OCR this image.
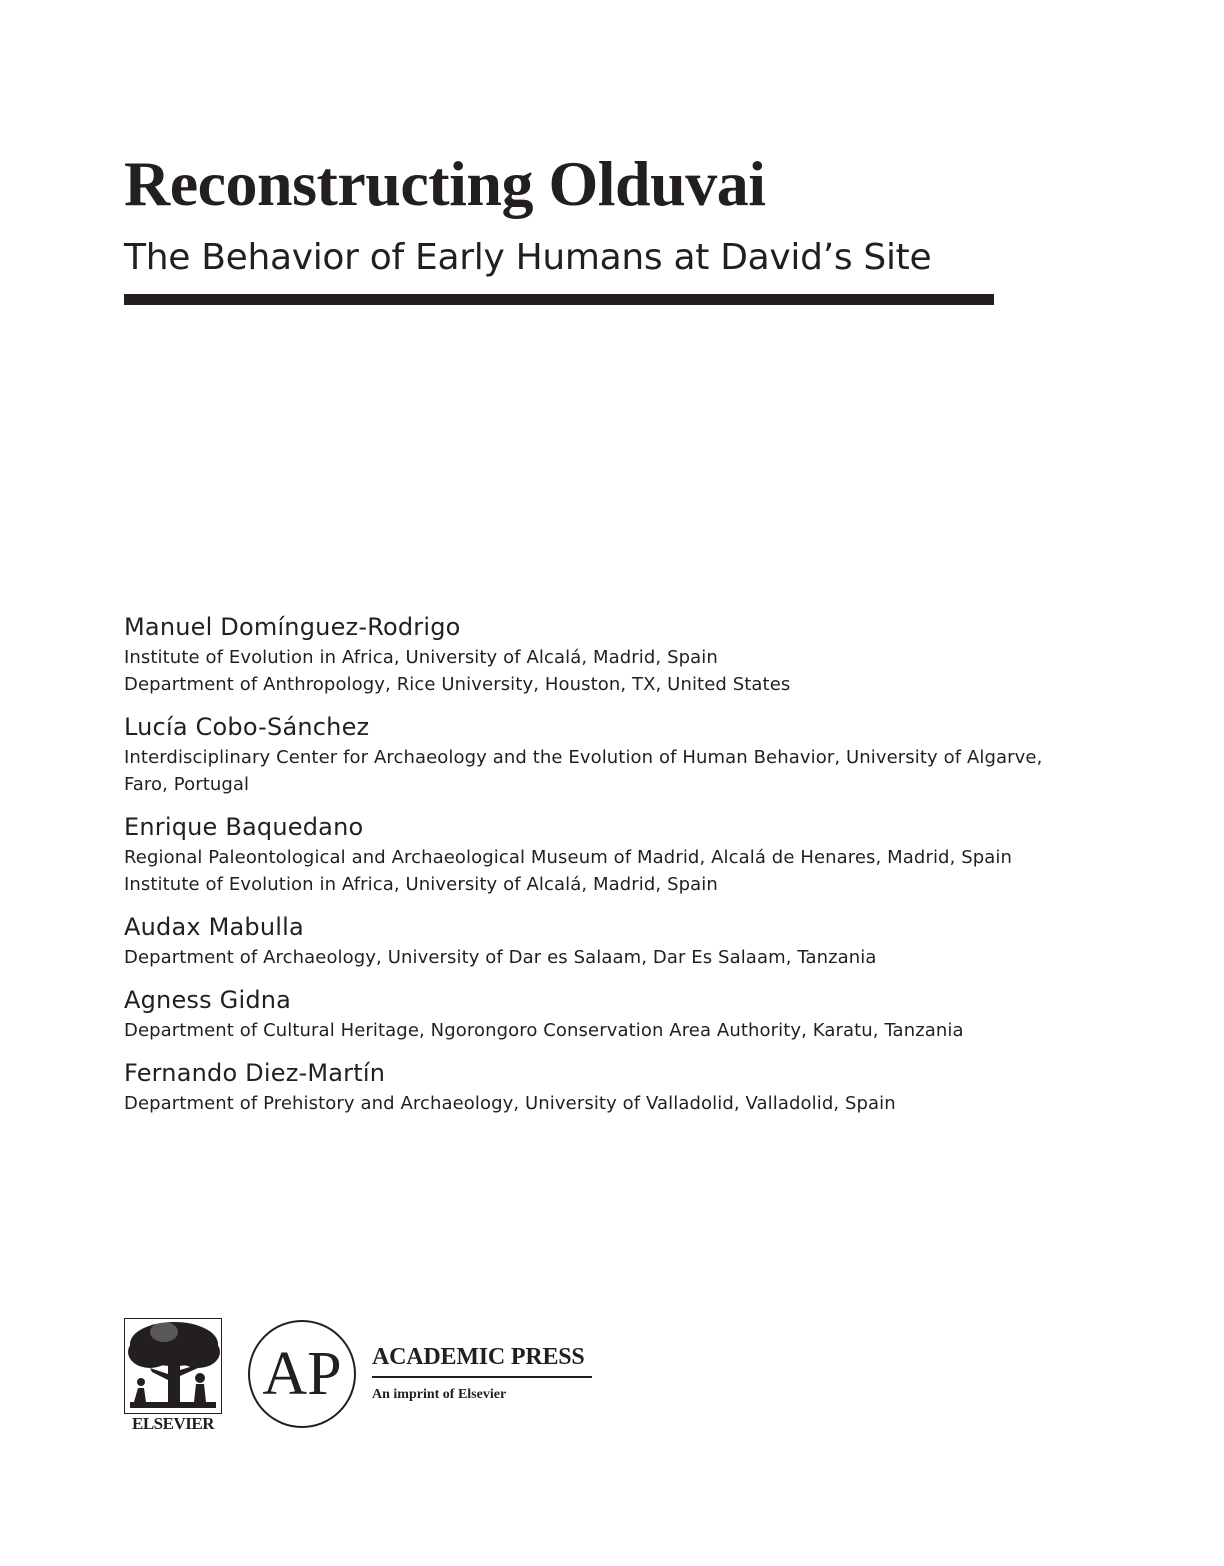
Reconstructing Olduvai
The Behavior of Early Humans at David’s Site
Manuel Domínguez-Rodrigo
Institute of Evolution in Africa, University of Alcalá, Madrid, Spain
Department of Anthropology, Rice University, Houston, TX, United States
Lucía Cobo-Sánchez
Interdisciplinary Center for Archaeology and the Evolution of Human Behavior, University of Algarve,
Faro, Portugal
Enrique Baquedano
Regional Paleontological and Archaeological Museum of Madrid, Alcalá de Henares, Madrid, Spain
Institute of Evolution in Africa, University of Alcalá, Madrid, Spain
Audax Mabulla
Department of Archaeology, University of Dar es Salaam, Dar Es Salaam, Tanzania
Agness Gidna
Department of Cultural Heritage, Ngorongoro Conservation Area Authority, Karatu, Tanzania
Fernando Diez-Martín
Department of Prehistory and Archaeology, University of Valladolid, Valladolid, Spain
ELSEVIER
AP ACADEMIC PRESS
An imprint of Elsevier
